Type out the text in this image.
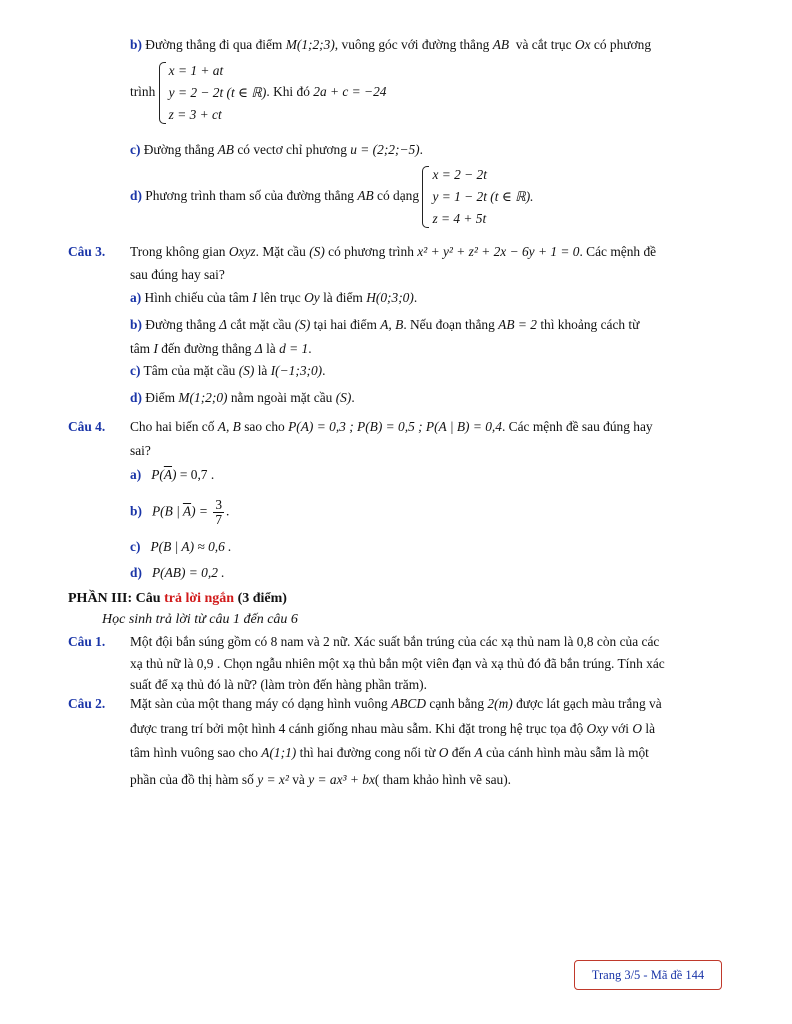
b) Đường thẳng đi qua điểm M(1;2;3), vuông góc với đường thẳng AB và cắt trục Ox có phương
trình
x = 1 + at
y = 2 − 2t (t ∈ ℝ)
z = 3 + ct
. Khi đó 2a + c = −24
c) Đường thẳng AB có vectơ chỉ phương u = (2;2;−5).
d) Phương trình tham số của đường thẳng AB có dạng
x = 2 − 2t
y = 1 − 2t (t ∈ ℝ).
z = 4 + 5t
Câu 3. Trong không gian Oxyz. Mặt cầu (S) có phương trình x² + y² + z² + 2x − 6y + 1 = 0. Các mệnh đề
sau đúng hay sai?
a) Hình chiếu của tâm I lên trục Oy là điểm H(0;3;0).
b) Đường thẳng Δ cắt mặt cầu (S) tại hai điểm A, B. Nếu đoạn thẳng AB = 2 thì khoảng cách từ
tâm I đến đường thẳng Δ là d = 1.
c) Tâm của mặt cầu (S) là I(−1;3;0).
d) Điểm M(1;2;0) nằm ngoài mặt cầu (S).
Câu 4. Cho hai biến cố A, B sao cho P(A) = 0,3 ; P(B) = 0,5 ; P(A | B) = 0,4. Các mệnh đề sau đúng hay
sai?
a) $P(\overline{A}) = 0,7$ .
b) P(B | $\overline{A}) = \frac{3}{7}$ .
c) P(B | A) ≈ 0,6 .
d) P(AB) = 0,2 .
PHẦN III: Câu trả lời ngắn (3 điểm)
Học sinh trả lời từ câu 1 đến câu 6
Câu 1. Một đội bắn súng gồm có 8 nam và 2 nữ. Xác suất bắn trúng của các xạ thủ nam là 0,8 còn của các
xạ thủ nữ là 0,9 . Chọn ngẫu nhiên một xạ thủ bắn một viên đạn và xạ thủ đó đã bắn trúng. Tính xác
suất để xạ thủ đó là nữ? (làm tròn đến hàng phần trăm).
Câu 2. Mặt sàn của một thang máy có dạng hình vuông ABCD cạnh bằng 2(m) được lát gạch màu trắng và
được trang trí bởi một hình 4 cánh giống nhau màu sẫm. Khi đặt trong hệ trục tọa độ Oxy với O là
tâm hình vuông sao cho A(1;1) thì hai đường cong nối từ O đến A của cánh hình màu sẫm là một
phần của đồ thị hàm số y = x² và y = ax³ + bx( tham khảo hình vẽ sau).
Trang 3/5 - Mã đề 144
